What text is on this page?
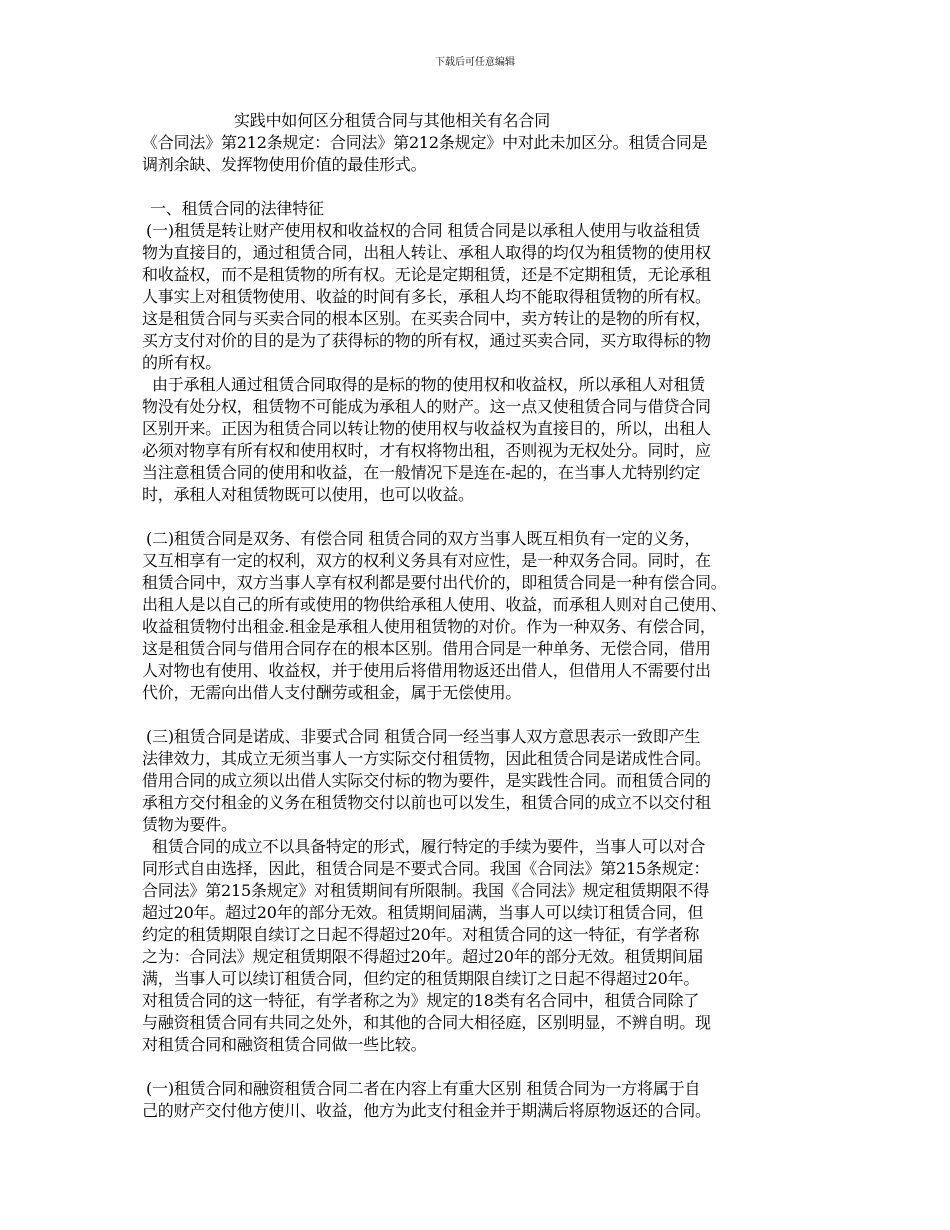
下载后可任意编辑
实践中如何区分租赁合同与其他相关有名合同
《合同法》第212条规定：合同法》第212条规定》中对此未加区分。租赁合同是
调剂余缺、发挥物使用价值的最佳形式。
一、租赁合同的法律特征
(一)租赁是转让财产使用权和收益权的合同 租赁合同是以承租人使用与收益租赁
物为直接目的，通过租赁合同，出租人转让、承租人取得的均仅为租赁物的使用权
和收益权，而不是租赁物的所有权。无论是定期租赁，还是不定期租赁，无论承租
人事实上对租赁物使用、收益的时间有多长，承租人均不能取得租赁物的所有权。
这是租赁合同与买卖合同的根本区别。在买卖合同中，卖方转让的是物的所有权，
买方支付对价的目的是为了获得标的物的所有权，通过买卖合同，买方取得标的物
的所有权。
由于承租人通过租赁合同取得的是标的物的使用权和收益权，所以承租人对租赁
物没有处分权，租赁物不可能成为承租人的财产。这一点又使租赁合同与借贷合同
区别开来。正因为租赁合同以转让物的使用权与收益权为直接目的，所以，出租人
必须对物享有所有权和使用权时，才有权将物出租，否则视为无权处分。同时，应
当注意租赁合同的使用和收益，在一般情况下是连在-起的，在当事人尤特别约定
时，承租人对租赁物既可以使用，也可以收益。
(二)租赁合同是双务、有偿合同 租赁合同的双方当事人既互相负有一定的义务，
又互相享有一定的权利，双方的权利义务具有对应性，是一种双务合同。同时，在
租赁合同中，双方当事人享有权利都是要付出代价的，即租赁合同是一种有偿合同。
出租人是以自己的所有或使用的物供给承租人使用、收益，而承租人则对自己使用、
收益租赁物付出租金.租金是承租人使用租赁物的对价。作为一种双务、有偿合同，
这是租赁合同与借用合同存在的根本区别。借用合同是一种单务、无偿合同，借用
人对物也有使用、收益权，并于使用后将借用物返还出借人，但借用人不需要付出
代价，无需向出借人支付酬劳或租金，属于无偿使用。
(三)租赁合同是诺成、非要式合同 租赁合同一经当事人双方意思表示一致即产生
法律效力，其成立无须当事人一方实际交付租赁物，因此租赁合同是诺成性合同。
借用合同的成立须以出借人实际交付标的物为要件，是实践性合同。而租赁合同的
承租方交付租金的义务在租赁物交付以前也可以发生，租赁合同的成立不以交付租
赁物为要件。
租赁合同的成立不以具备特定的形式，履行特定的手续为要件，当事人可以对合
同形式自由选择，因此，租赁合同是不要式合同。我国《合同法》第215条规定：
合同法》第215条规定》对租赁期间有所限制。我国《合同法》规定租赁期限不得
超过20年。超过20年的部分无效。租赁期间届满，当事人可以续订租赁合同，但
约定的租赁期限自续订之日起不得超过20年。对租赁合同的这一特征，有学者称
之为：合同法》规定租赁期限不得超过20年。超过20年的部分无效。租赁期间届
满，当事人可以续订租赁合同，但约定的租赁期限自续订之日起不得超过20年。
对租赁合同的这一特征，有学者称之为》规定的18类有名合同中，租赁合同除了
与融资租赁合同有共同之处外，和其他的合同大相径庭，区别明显，不辨自明。现
对租赁合同和融资租赁合同做一些比较。
(一)租赁合同和融资租赁合同二者在内容上有重大区别 租赁合同为一方将属于自
己的财产交付他方使川、收益，他方为此支付租金并于期满后将原物返还的合同。
